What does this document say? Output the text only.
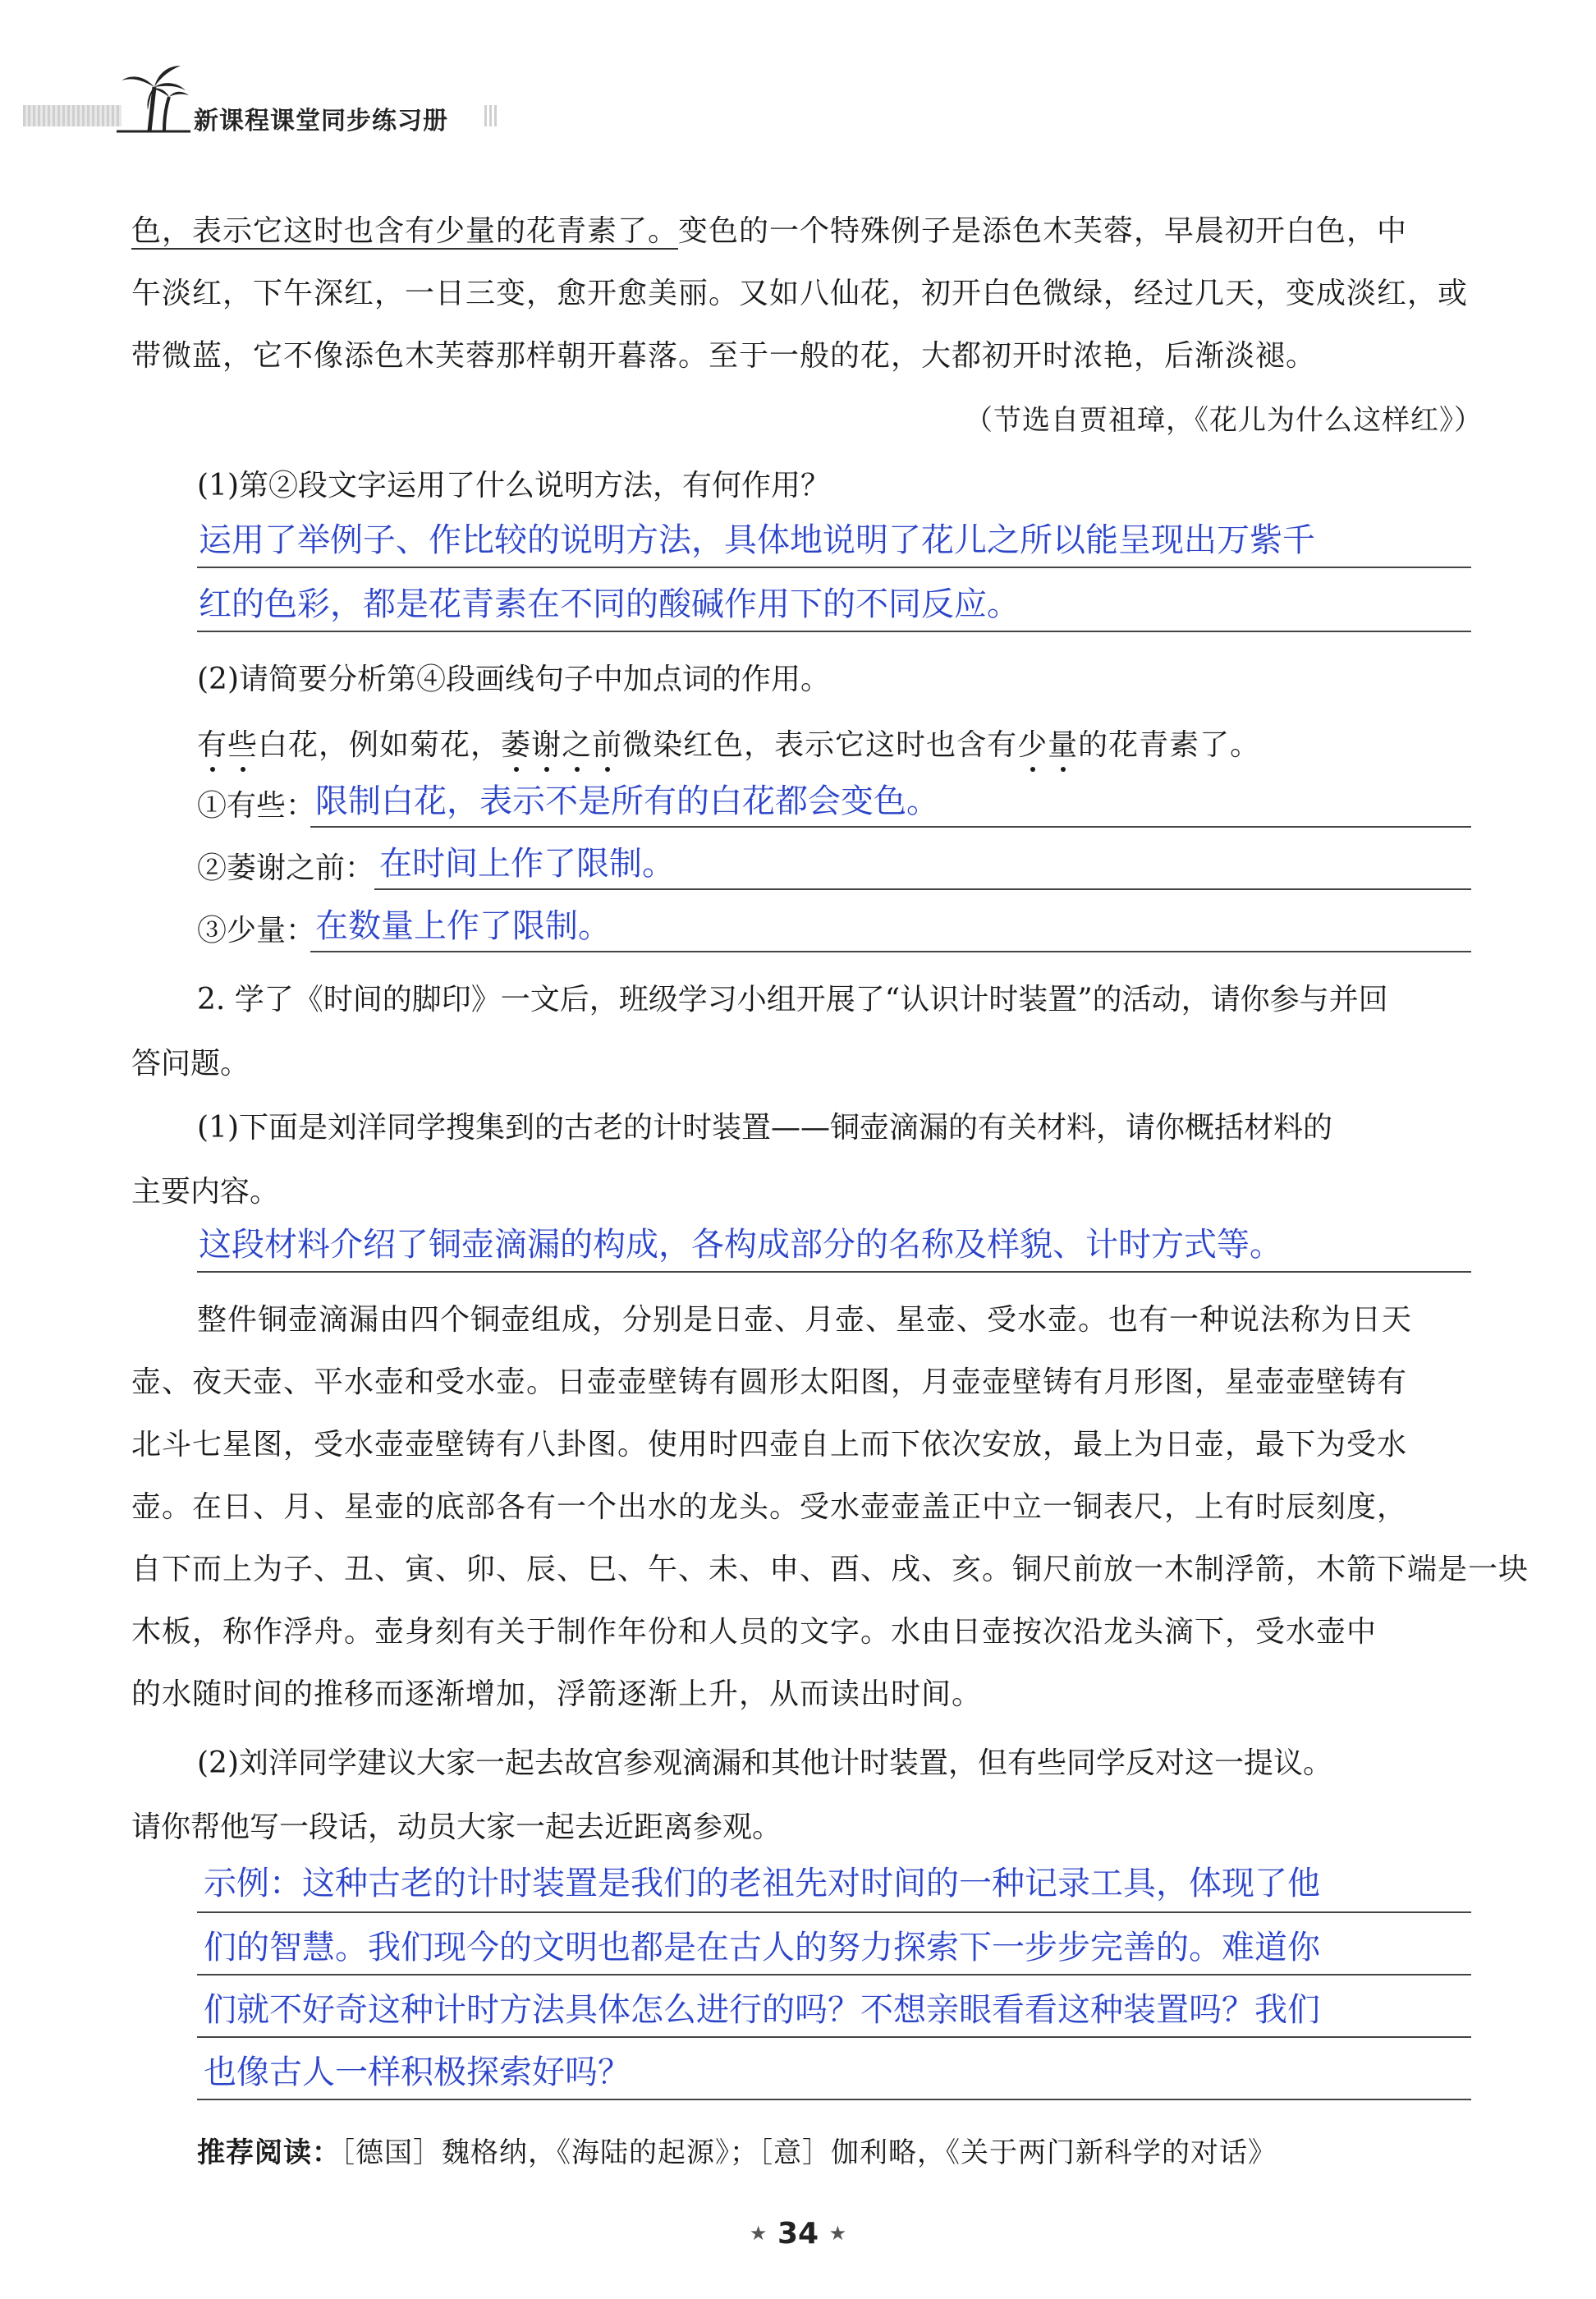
新课程课堂同步练习册
色，表示它这时也含有少量的花青素了。变色的一个特殊例子是添色木芙蓉，早晨初开白色，中
午淡红，下午深红，一日三变，愈开愈美丽。又如八仙花，初开白色微绿，经过几天，变成淡红，或
带微蓝，它不像添色木芙蓉那样朝开暮落。至于一般的花，大都初开时浓艳，后渐淡褪。
（节选自贾祖璋，《花儿为什么这样红》）
(1)第②段文字运用了什么说明方法，有何作用？
运用了举例子、作比较的说明方法，具体地说明了花儿之所以能呈现出万紫千
红的色彩，都是花青素在不同的酸碱作用下的不同反应。
(2)请简要分析第④段画线句子中加点词的作用。
有些白花，例如菊花，萎谢之前微染红色，表示它这时也含有少量的花青素了。
①有些： 限制白花，表示不是所有的白花都会变色。
②萎谢之前： 在时间上作了限制。
③少量： 在数量上作了限制。
2. 学了《时间的脚印》一文后，班级学习小组开展了“认识计时装置”的活动，请你参与并回
答问题。
(1)下面是刘洋同学搜集到的古老的计时装置——铜壶滴漏的有关材料，请你概括材料的
主要内容。
这段材料介绍了铜壶滴漏的构成，各构成部分的名称及样貌、计时方式等。
整件铜壶滴漏由四个铜壶组成，分别是日壶、月壶、星壶、受水壶。也有一种说法称为日天
壶、夜天壶、平水壶和受水壶。日壶壶壁铸有圆形太阳图，月壶壶壁铸有月形图，星壶壶壁铸有
北斗七星图，受水壶壶壁铸有八卦图。使用时四壶自上而下依次安放，最上为日壶，最下为受水
壶。在日、月、星壶的底部各有一个出水的龙头。受水壶壶盖正中立一铜表尺，上有时辰刻度，
自下而上为子、丑、寅、卯、辰、巳、午、未、申、酉、戌、亥。铜尺前放一木制浮箭，木箭下端是一块
木板，称作浮舟。壶身刻有关于制作年份和人员的文字。水由日壶按次沿龙头滴下，受水壶中
的水随时间的推移而逐渐增加，浮箭逐渐上升，从而读出时间。
(2)刘洋同学建议大家一起去故宫参观滴漏和其他计时装置，但有些同学反对这一提议。
请你帮他写一段话，动员大家一起去近距离参观。
示例：这种古老的计时装置是我们的老祖先对时间的一种记录工具，体现了他
们的智慧。我们现今的文明也都是在古人的努力探索下一步步完善的。难道你
们就不好奇这种计时方法具体怎么进行的吗？不想亲眼看看这种装置吗？我们
也像古人一样积极探索好吗？
推荐阅读：［德国］魏格纳，《海陆的起源》；［意］伽利略，《关于两门新科学的对话》
★ 34 ★
